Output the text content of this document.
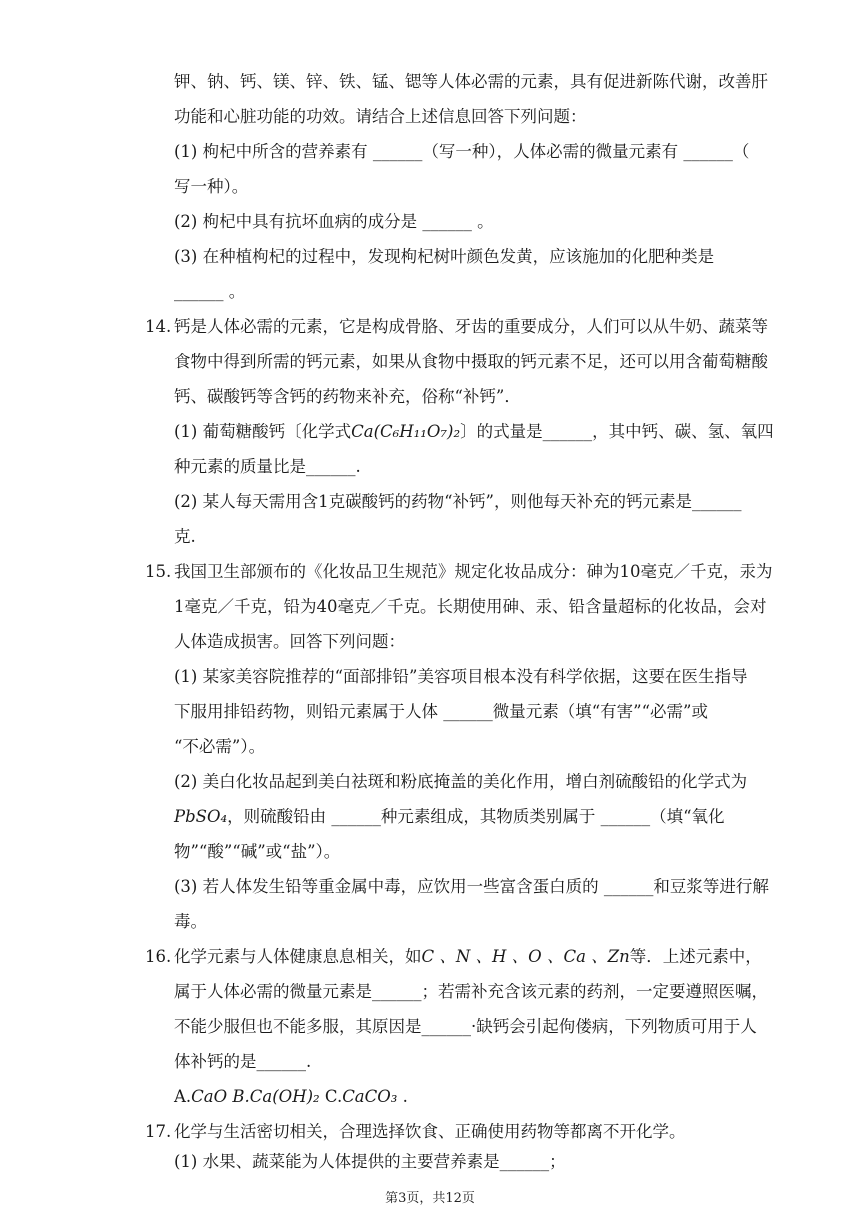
钾、钠、钙、镁、锌、铁、锰、锶等人体必需的元素，具有促进新陈代谢，改善肝
功能和心脏功能的功效。请结合上述信息回答下列问题：
(1) 枸杞中所含的营养素有 ______（写一种），人体必需的微量元素有 ______（
写一种）。
(2) 枸杞中具有抗坏血病的成分是 ______ 。
(3) 在种植枸杞的过程中，发现枸杞树叶颜色发黄，应该施加的化肥种类是
______ 。
14. 钙是人体必需的元素，它是构成骨胳、牙齿的重要成分，人们可以从牛奶、蔬菜等
食物中得到所需的钙元素，如果从食物中摄取的钙元素不足，还可以用含葡萄糖酸
钙、碳酸钙等含钙的药物来补充，俗称“补钙”．
(1) 葡萄糖酸钙〔化学式Ca(C₆H₁₁O₇)₂〕的式量是______，其中钙、碳、氢、氧四
种元素的质量比是______.
(2) 某人每天需用含1克碳酸钙的药物“补钙”，则他每天补充的钙元素是______
克.
15. 我国卫生部颁布的《化妆品卫生规范》规定化妆品成分：砷为10毫克／千克，汞为
1毫克／千克，铅为40毫克／千克。长期使用砷、汞、铅含量超标的化妆品，会对
人体造成损害。回答下列问题：
(1) 某家美容院推荐的“面部排铅”美容项目根本没有科学依据，这要在医生指导
下服用排铅药物，则铅元素属于人体 ______微量元素（填“有害”“必需”或
“不必需”）。
(2) 美白化妆品起到美白祛斑和粉底掩盖的美化作用，增白剂硫酸铅的化学式为
PbSO₄，则硫酸铅由 ______种元素组成，其物质类别属于 ______（填“氧化
物”“酸”“碱”或“盐”）。
(3) 若人体发生铅等重金属中毒，应饮用一些富含蛋白质的 ______和豆浆等进行解
毒。
16. 化学元素与人体健康息息相关，如C 、N 、H 、O 、Ca 、Zn等．上述元素中，
属于人体必需的微量元素是______；若需补充含该元素的药剂，一定要遵照医嘱，
不能少服但也不能多服，其原因是______·缺钙会引起佝偻病，下列物质可用于人
体补钙的是______.
A.CaO B.Ca(OH)₂ C.CaCO₃ .
17. 化学与生活密切相关，合理选择饮食、正确使用药物等都离不开化学。
(1) 水果、蔬菜能为人体提供的主要营养素是______；
第3页，共12页
